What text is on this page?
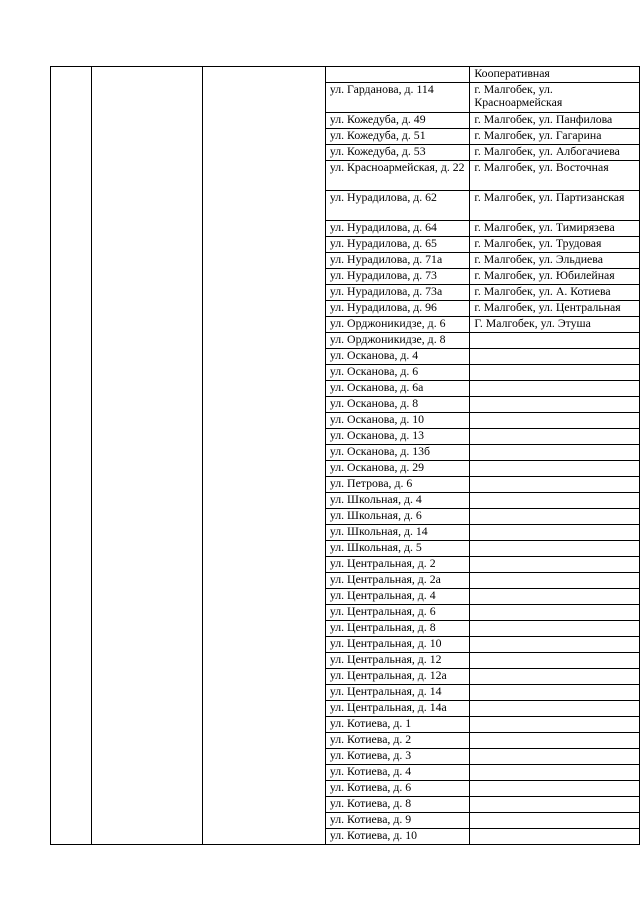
				Кооперативная
			ул. Гарданова, д. 114	г. Малгобек, ул. Красноармейская
			ул. Кожедуба, д. 49	г. Малгобек, ул. Панфилова
			ул. Кожедуба, д. 51	г. Малгобек, ул. Гагарина
			ул. Кожедуба, д. 53	г. Малгобек, ул. Албогачиева
			ул. Красноармейская, д. 22	г. Малгобек, ул. Восточная
			ул. Нурадилова, д. 62	г. Малгобек, ул. Партизанская
			ул. Нурадилова, д. 64	г. Малгобек, ул. Тимирязева
			ул. Нурадилова, д. 65	г. Малгобек, ул. Трудовая
			ул. Нурадилова, д. 71а	г. Малгобек, ул. Эльдиева
			ул. Нурадилова, д. 73	г. Малгобек, ул. Юбилейная
			ул. Нурадилова, д. 73а	г. Малгобек, ул. А. Котиева
			ул. Нурадилова, д. 96	г. Малгобек, ул. Центральная
			ул. Орджоникидзе, д. 6	Г. Малгобек, ул. Этуша
			ул. Орджоникидзе, д. 8	
			ул. Осканова, д. 4	
			ул. Осканова, д. 6	
			ул. Осканова, д. 6а	
			ул. Осканова, д. 8	
			ул. Осканова, д. 10	
			ул. Осканова, д. 13	
			ул. Осканова, д. 13б	
			ул. Осканова, д. 29	
			ул. Петрова, д. 6	
			ул. Школьная, д. 4	
			ул. Школьная, д. 6	
			ул. Школьная, д. 14	
			ул. Школьная, д. 5	
			ул. Центральная, д. 2	
			ул. Центральная, д. 2а	
			ул. Центральная, д. 4	
			ул. Центральная, д. 6	
			ул. Центральная, д. 8	
			ул. Центральная, д. 10	
			ул. Центральная, д. 12	
			ул. Центральная, д. 12а	
			ул. Центральная, д. 14	
			ул. Центральная, д. 14а	
			ул. Котиева, д. 1	
			ул. Котиева, д. 2	
			ул. Котиева, д. 3	
			ул. Котиева, д. 4	
			ул. Котиева, д. 6	
			ул. Котиева, д. 8	
			ул. Котиева, д. 9	
			ул. Котиева, д. 10	
